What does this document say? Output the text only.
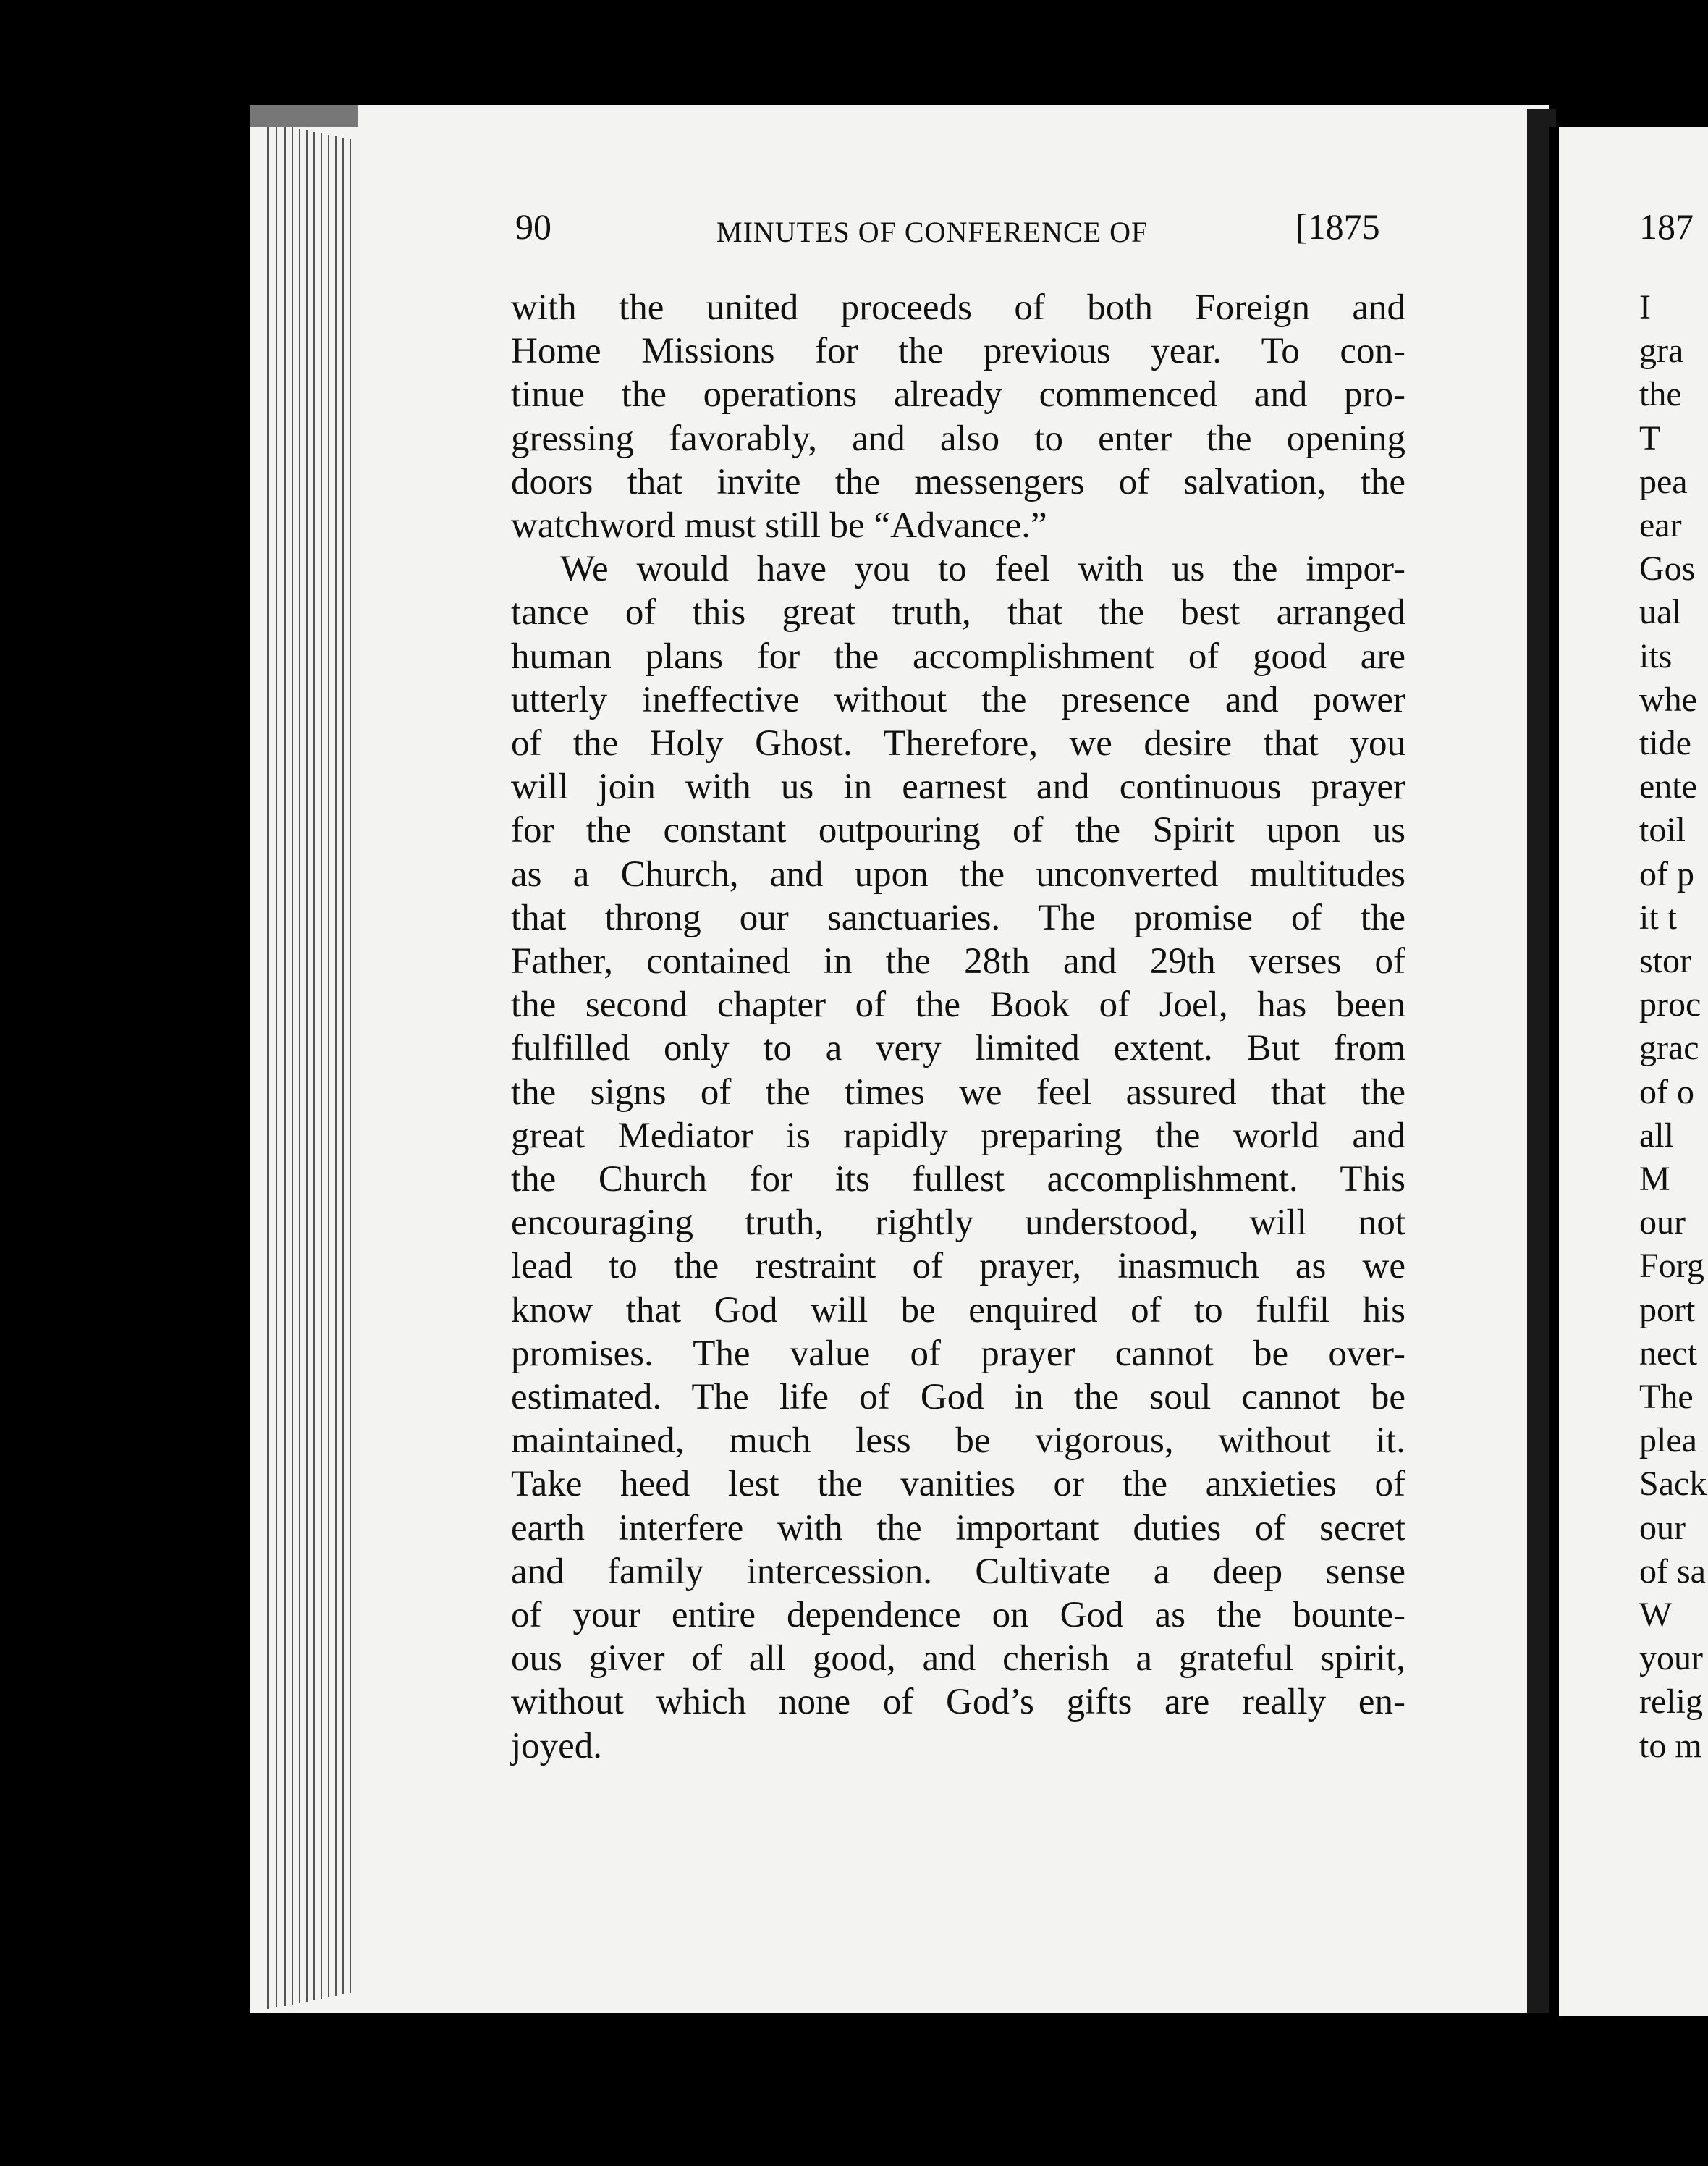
90	MINUTES OF CONFERENCE OF	[1875
with the united proceeds of both Foreign and
Home Missions for the previous year. To con-
tinue the operations already commenced and pro-
gressing favorably, and also to enter the opening
doors that invite the messengers of salvation, the
watchword must still be “Advance.”
We would have you to feel with us the impor-
tance of this great truth, that the best arranged
human plans for the accomplishment of good are
utterly ineffective without the presence and power
of the Holy Ghost. Therefore, we desire that you
will join with us in earnest and continuous prayer
for the constant outpouring of the Spirit upon us
as a Church, and upon the unconverted multitudes
that throng our sanctuaries. The promise of the
Father, contained in the 28th and 29th verses of
the second chapter of the Book of Joel, has been
fulfilled only to a very limited extent. But from
the signs of the times we feel assured that the
great Mediator is rapidly preparing the world and
the Church for its fullest accomplishment. This
encouraging truth, rightly understood, will not
lead to the restraint of prayer, inasmuch as we
know that God will be enquired of to fulfil his
promises. The value of prayer cannot be over-
estimated. The life of God in the soul cannot be
maintained, much less be vigorous, without it.
Take heed lest the vanities or the anxieties of
earth interfere with the important duties of secret
and family intercession. Cultivate a deep sense
of your entire dependence on God as the bountе-
ous giver of all good, and cherish a grateful spirit,
without which none of God’s gifts are really en-
joyed.
187
I
gra
the
T
pea
ear
Gos
ual
its
whe
tide
ente
toil
of p
it t
stor
proc
grac
of o
all
M
our
Forg
port
nect
The
plea
Sack
our
of sa
W
your
relig
to m
